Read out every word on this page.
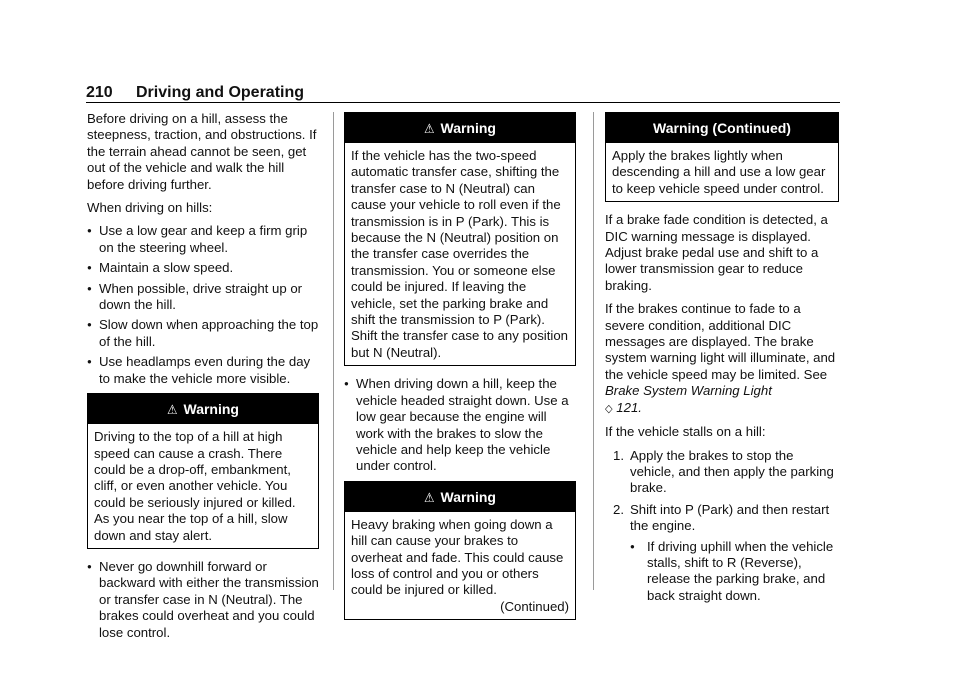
210 Driving and Operating

Before driving on a hill, assess the steepness, traction, and obstructions. If the terrain ahead cannot be seen, get out of the vehicle and walk the hill before driving further.

When driving on hills:

● Use a low gear and keep a firm grip on the steering wheel.
● Maintain a slow speed.
● When possible, drive straight up or down the hill.
● Slow down when approaching the top of the hill.
● Use headlamps even during the day to make the vehicle more visible.
⚠ Warning
Driving to the top of a hill at high speed can cause a crash. There could be a drop-off, embankment, cliff, or even another vehicle. You could be seriously injured or killed. As you near the top of a hill, slow down and stay alert.
● Never go downhill forward or backward with either the transmission or transfer case in N (Neutral). The brakes could overheat and you could lose control.
⚠ Warning
If the vehicle has the two-speed automatic transfer case, shifting the transfer case to N (Neutral) can cause your vehicle to roll even if the transmission is in P (Park). This is because the N (Neutral) position on the transfer case overrides the transmission. You or someone else could be injured. If leaving the vehicle, set the parking brake and shift the transmission to P (Park). Shift the transfer case to any position but N (Neutral).
● When driving down a hill, keep the vehicle headed straight down. Use a low gear because the engine will work with the brakes to slow the vehicle and help keep the vehicle under control.
⚠ Warning
Heavy braking when going down a hill can cause your brakes to overheat and fade. This could cause loss of control and you or others could be injured or killed.
(Continued)
Warning (Continued)
Apply the brakes lightly when descending a hill and use a low gear to keep vehicle speed under control.

If a brake fade condition is detected, a DIC warning message is displayed. Adjust brake pedal use and shift to a lower transmission gear to reduce braking.

If the brakes continue to fade to a severe condition, additional DIC messages are displayed. The brake system warning light will illuminate, and the vehicle speed may be limited. See Brake System Warning Light
◇ 121.

If the vehicle stalls on a hill:

1. Apply the brakes to stop the vehicle, and then apply the parking brake.
2. Shift into P (Park) and then restart the engine.
● If driving uphill when the vehicle stalls, shift to R (Reverse), release the parking brake, and back straight down.
